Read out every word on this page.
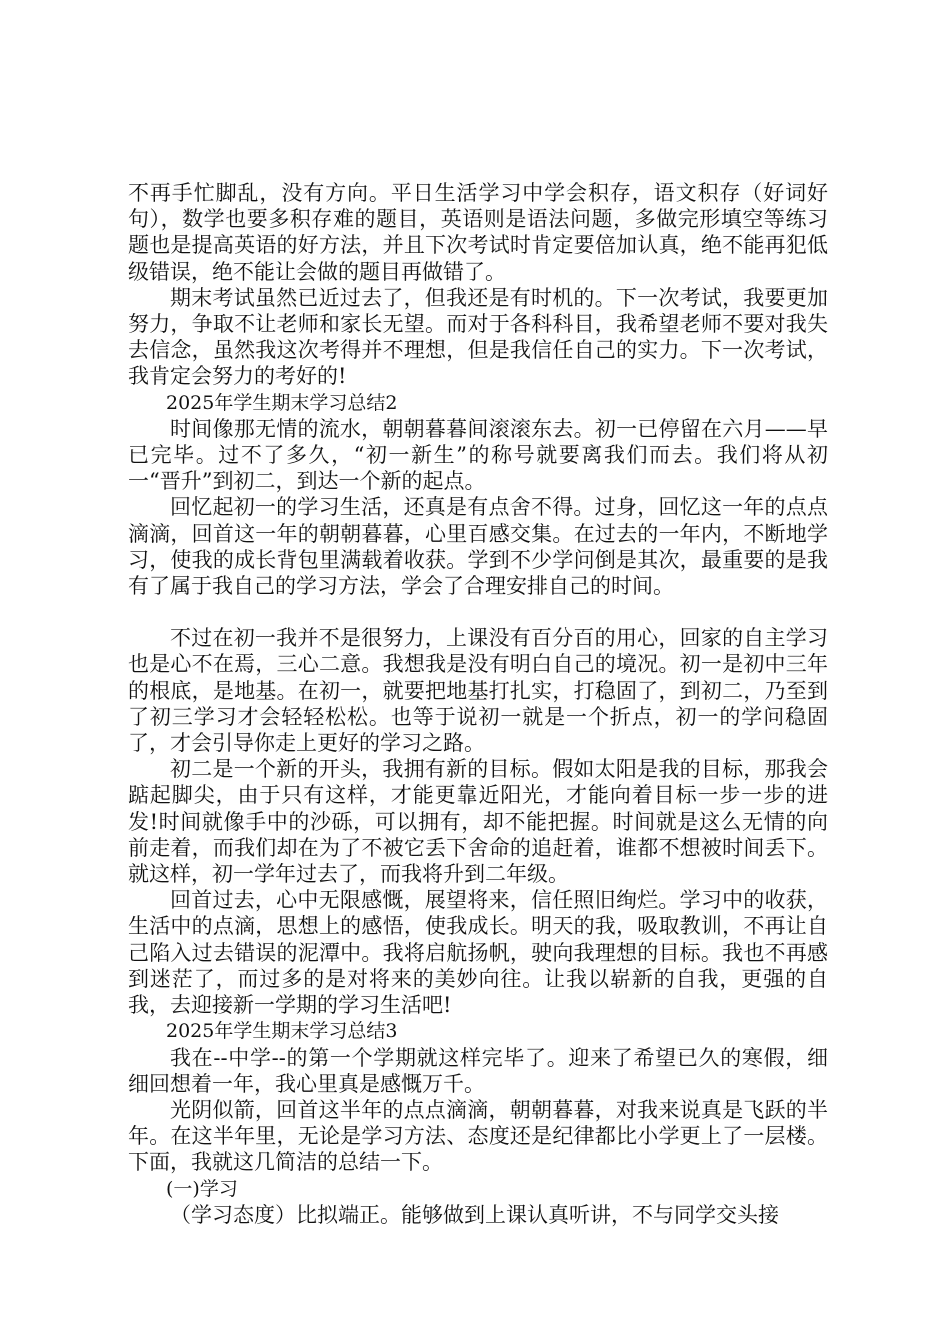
不再手忙脚乱，没有方向。平日生活学习中学会积存，语文积存（好词好句），数学也要多积存难的题目，英语则是语法问题，多做完形填空等练习题也是提高英语的好方法，并且下次考试时肯定要倍加认真，绝不能再犯低级错误，绝不能让会做的题目再做错了。

期末考试虽然已近过去了，但我还是有时机的。下一次考试，我要更加努力，争取不让老师和家长无望。而对于各科科目，我希望老师不要对我失去信念，虽然我这次考得并不理想，但是我信任自己的实力。下一次考试，我肯定会努力的考好的!

2025年学生期末学习总结2

时间像那无情的流水，朝朝暮暮间滚滚东去。初一已停留在六月——早已完毕。过不了多久，“初一新生”的称号就要离我们而去。我们将从初一“晋升”到初二，到达一个新的起点。

回忆起初一的学习生活，还真是有点舍不得。过身，回忆这一年的点点滴滴，回首这一年的朝朝暮暮，心里百感交集。在过去的一年内，不断地学习，使我的成长背包里满载着收获。学到不少学问倒是其次，最重要的是我有了属于我自己的学习方法，学会了合理安排自己的时间。

不过在初一我并不是很努力，上课没有百分百的用心，回家的自主学习也是心不在焉，三心二意。我想我是没有明白自己的境况。初一是初中三年的根底，是地基。在初一，就要把地基打扎实，打稳固了，到初二，乃至到了初三学习才会轻轻松松。也等于说初一就是一个折点，初一的学问稳固了，才会引导你走上更好的学习之路。

初二是一个新的开头，我拥有新的目标。假如太阳是我的目标，那我会踮起脚尖，由于只有这样，才能更靠近阳光，才能向着目标一步一步的进发!时间就像手中的沙砾，可以拥有，却不能把握。时间就是这么无情的向前走着，而我们却在为了不被它丢下舍命的追赶着，谁都不想被时间丢下。就这样，初一学年过去了，而我将升到二年级。

回首过去，心中无限感慨，展望将来，信任照旧绚烂。学习中的收获，生活中的点滴，思想上的感悟，使我成长。明天的我，吸取教训，不再让自己陷入过去错误的泥潭中。我将启航扬帆，驶向我理想的目标。我也不再感到迷茫了，而过多的是对将来的美妙向往。让我以崭新的自我，更强的自我，去迎接新一学期的学习生活吧!

2025年学生期末学习总结3

我在--中学--的第一个学期就这样完毕了。迎来了希望已久的寒假，细细回想着一年，我心里真是感慨万千。

光阴似箭，回首这半年的点点滴滴，朝朝暮暮，对我来说真是飞跃的半年。在这半年里，无论是学习方法、态度还是纪律都比小学更上了一层楼。下面，我就这几简洁的总结一下。

(一)学习

（学习态度）比拟端正。能够做到上课认真听讲，不与同学交头接
